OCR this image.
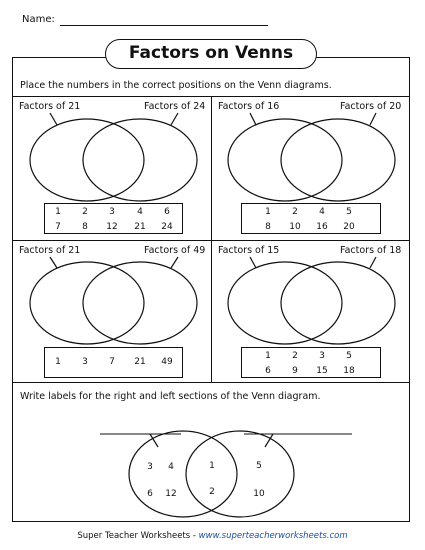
Name:
Factors on Venns
Place the numbers in the correct positions on the Venn diagrams.
Factors of 21	Factors of 24
1	2	3	4	6
7	8	12	21	24
Factors of 16	Factors of 20
1	2	4	5
8	10	16	20
Factors of 21	Factors of 49
1	3	7	21	49
Factors of 15	Factors of 18
1	2	3	5
6	9	15	18
Write labels for the right and left sections of the Venn diagram.
3	4
6	12
1
2
5
10
Super Teacher Worksheets - www.superteacherworksheets.com
